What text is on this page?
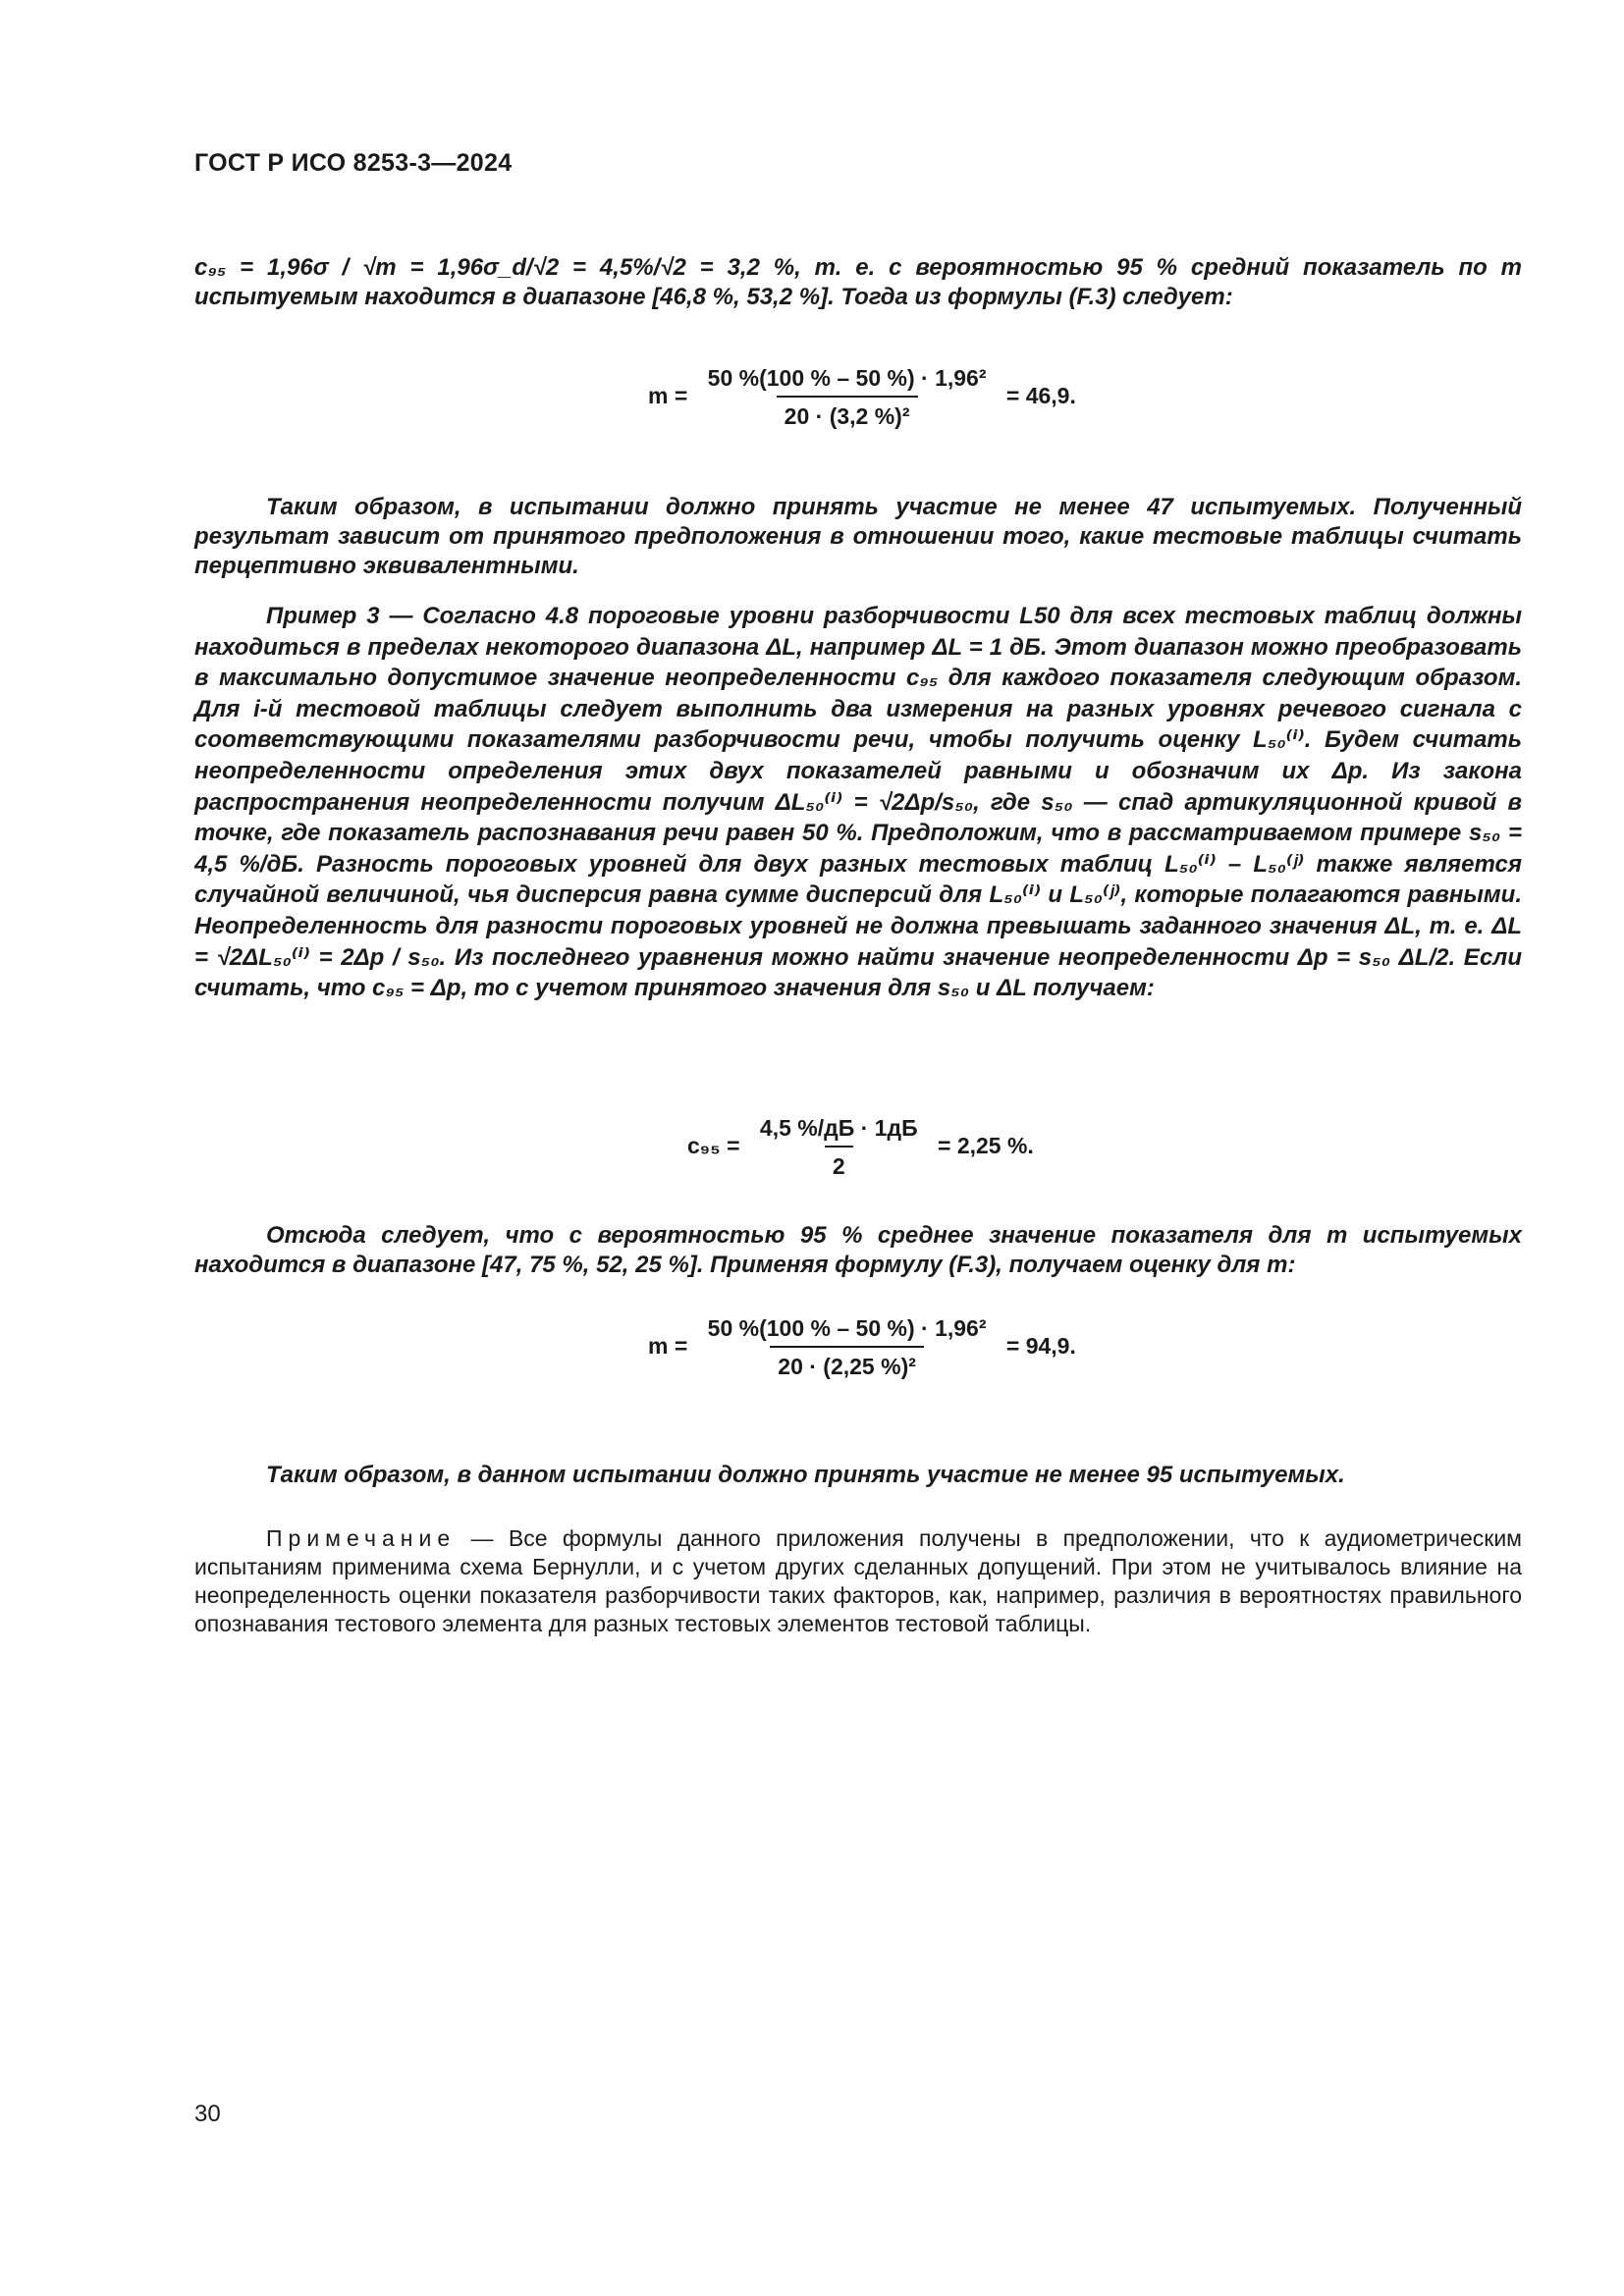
ГОСТ Р ИСО 8253-3—2024

c₉₅ = 1,96σ / √m = 1,96σ_d/√2 = 4,5%/√2 = 3,2 %, т. е. с вероятностью 95 % средний показатель по m испытуемым находится в диапазоне [46,8 %, 53,2 %]. Тогда из формулы (F.3) следует:

$m = \frac{\text{50 \%(100 \% – 50 \%) · 1,96²}}{\text{20 · (3,2 \%)²}} = 46,9$.

Таким образом, в испытании должно принять участие не менее 47 испытуемых. Полученный результат зависит от принятого предположения в отношении того, какие тестовые таблицы считать перцептивно эквивалентными.

Пример 3 — Согласно 4.8 пороговые уровни разборчивости L50 для всех тестовых таблиц должны находиться в пределах некоторого диапазона ΔL, например ΔL = 1 дБ. Этот диапазон можно преобразовать в максимально допустимое значение неопределенности c₉₅ для каждого показателя следующим образом. Для i-й тестовой таблицы следует выполнить два измерения на разных уровнях речевого сигнала с соответствующими показателями разборчивости речи, чтобы получить оценку L₅₀⁽ⁱ⁾. Будем считать неопределенности определения этих двух показателей равными и обозначим их Δp. Из закона распространения неопределенности получим ΔL₅₀⁽ⁱ⁾ = √2Δp/s₅₀, где s₅₀ — спад артикуляционной кривой в точке, где показатель распознавания речи равен 50 %. Предположим, что в рассматриваемом примере s₅₀ = 4,5 %/дБ. Разность пороговых уровней для двух разных тестовых таблиц L₅₀⁽ⁱ⁾ – L₅₀⁽ʲ⁾ также является случайной величиной, чья дисперсия равна сумме дисперсий для L₅₀⁽ⁱ⁾ и L₅₀⁽ʲ⁾, которые полагаются равными. Неопределенность для разности пороговых уровней не должна превышать заданного значения ΔL, т. е. ΔL = √2ΔL₅₀⁽ⁱ⁾ = 2Δp / s₅₀. Из последнего уравнения можно найти значение неопределенности Δp = s₅₀ ΔL/2. Если считать, что c₉₅ = Δp, то с учетом принятого значения для s₅₀ и ΔL получаем:

$c_{95} = \frac{4,5 \%/дБ \cdot 1дБ}{2} = 2,25$ %.

Отсюда следует, что с вероятностью 95 % среднее значение показателя для m испытуемых находится в диапазоне [47, 75 %, 52, 25 %]. Применяя формулу (F.3), получаем оценку для m:

$m = \frac{\text{50 \%(100 \% – 50 \%) · 1,96²}}{\text{20 · (2,25 \%)²}} = 94,9$.

Таким образом, в данном испытании должно принять участие не менее 95 испытуемых.

Примечание — Все формулы данного приложения получены в предположении, что к аудиометрическим испытаниям применима схема Бернулли, и с учетом других сделанных допущений. При этом не учитывалось влияние на неопределенность оценки показателя разборчивости таких факторов, как, например, различия в вероятностях правильного опознавания тестового элемента для разных тестовых элементов тестовой таблицы.

30
